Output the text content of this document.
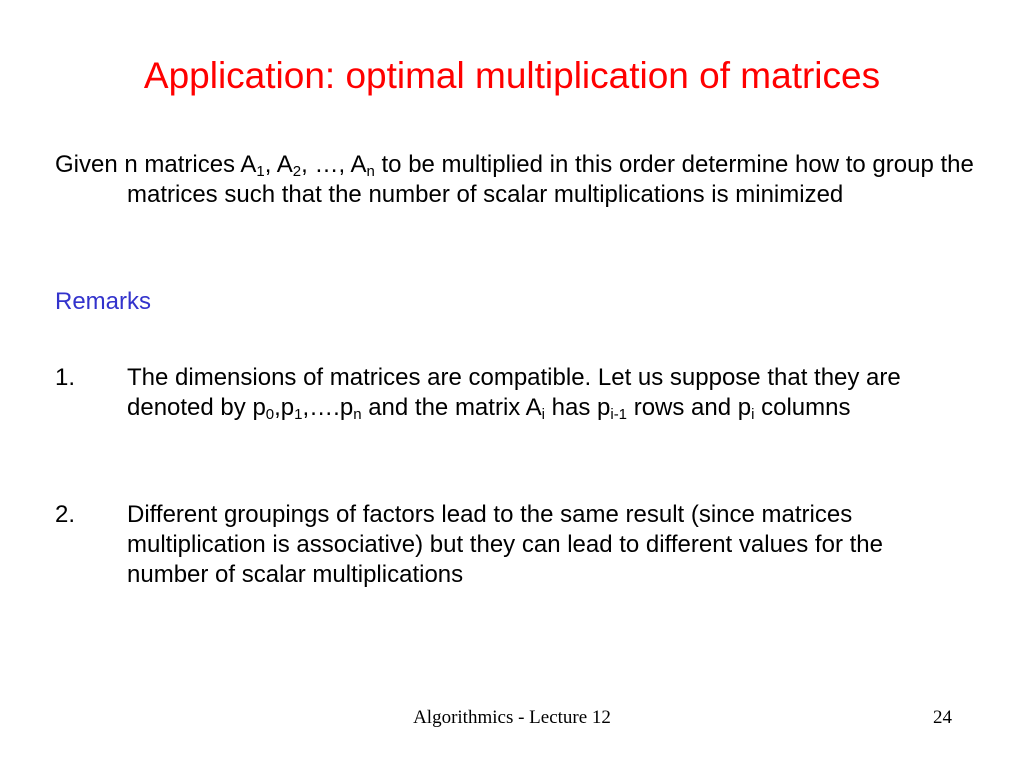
Application: optimal multiplication of matrices
Given n matrices $A_1$, $A_2$, …, $A_n$ to be multiplied in this order determine how to group the matrices such that the number of scalar multiplications is minimized
Remarks
1. The dimensions of matrices are compatible. Let us suppose that they are denoted by $p_0,p_1,\dots.p_n$ and the matrix $A_i$ has $p_{i-1}$ rows and $p_i$ columns
2. Different groupings of factors lead to the same result (since matrices multiplication is associative) but they can lead to different values for the number of scalar multiplications
Algorithmics - Lecture 12	24
